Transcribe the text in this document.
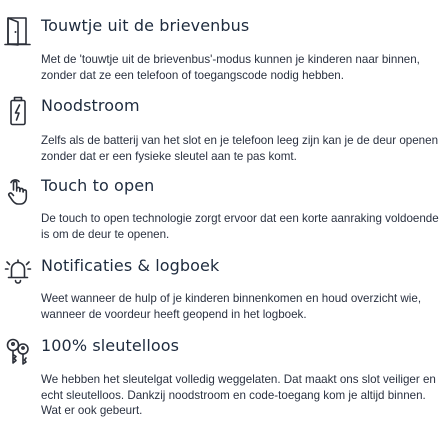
Touwtje uit de brievenbus

Met de 'touwtje uit de brievenbus'-modus kunnen je kinderen naar binnen, zonder dat ze een telefoon of toegangscode nodig hebben.

Noodstroom

Zelfs als de batterij van het slot en je telefoon leeg zijn kan je de deur openen zonder dat er een fysieke sleutel aan te pas komt.

Touch to open

De touch to open technologie zorgt ervoor dat een korte aanraking voldoende is om de deur te openen.

Notificaties & logboek

Weet wanneer de hulp of je kinderen binnenkomen en houd overzicht wie, wanneer de voordeur heeft geopend in het logboek.

100% sleutelloos

We hebben het sleutelgat volledig weggelaten. Dat maakt ons slot veiliger en echt sleutelloos. Dankzij noodstroom en code-toegang kom je altijd binnen. Wat er ook gebeurt.
